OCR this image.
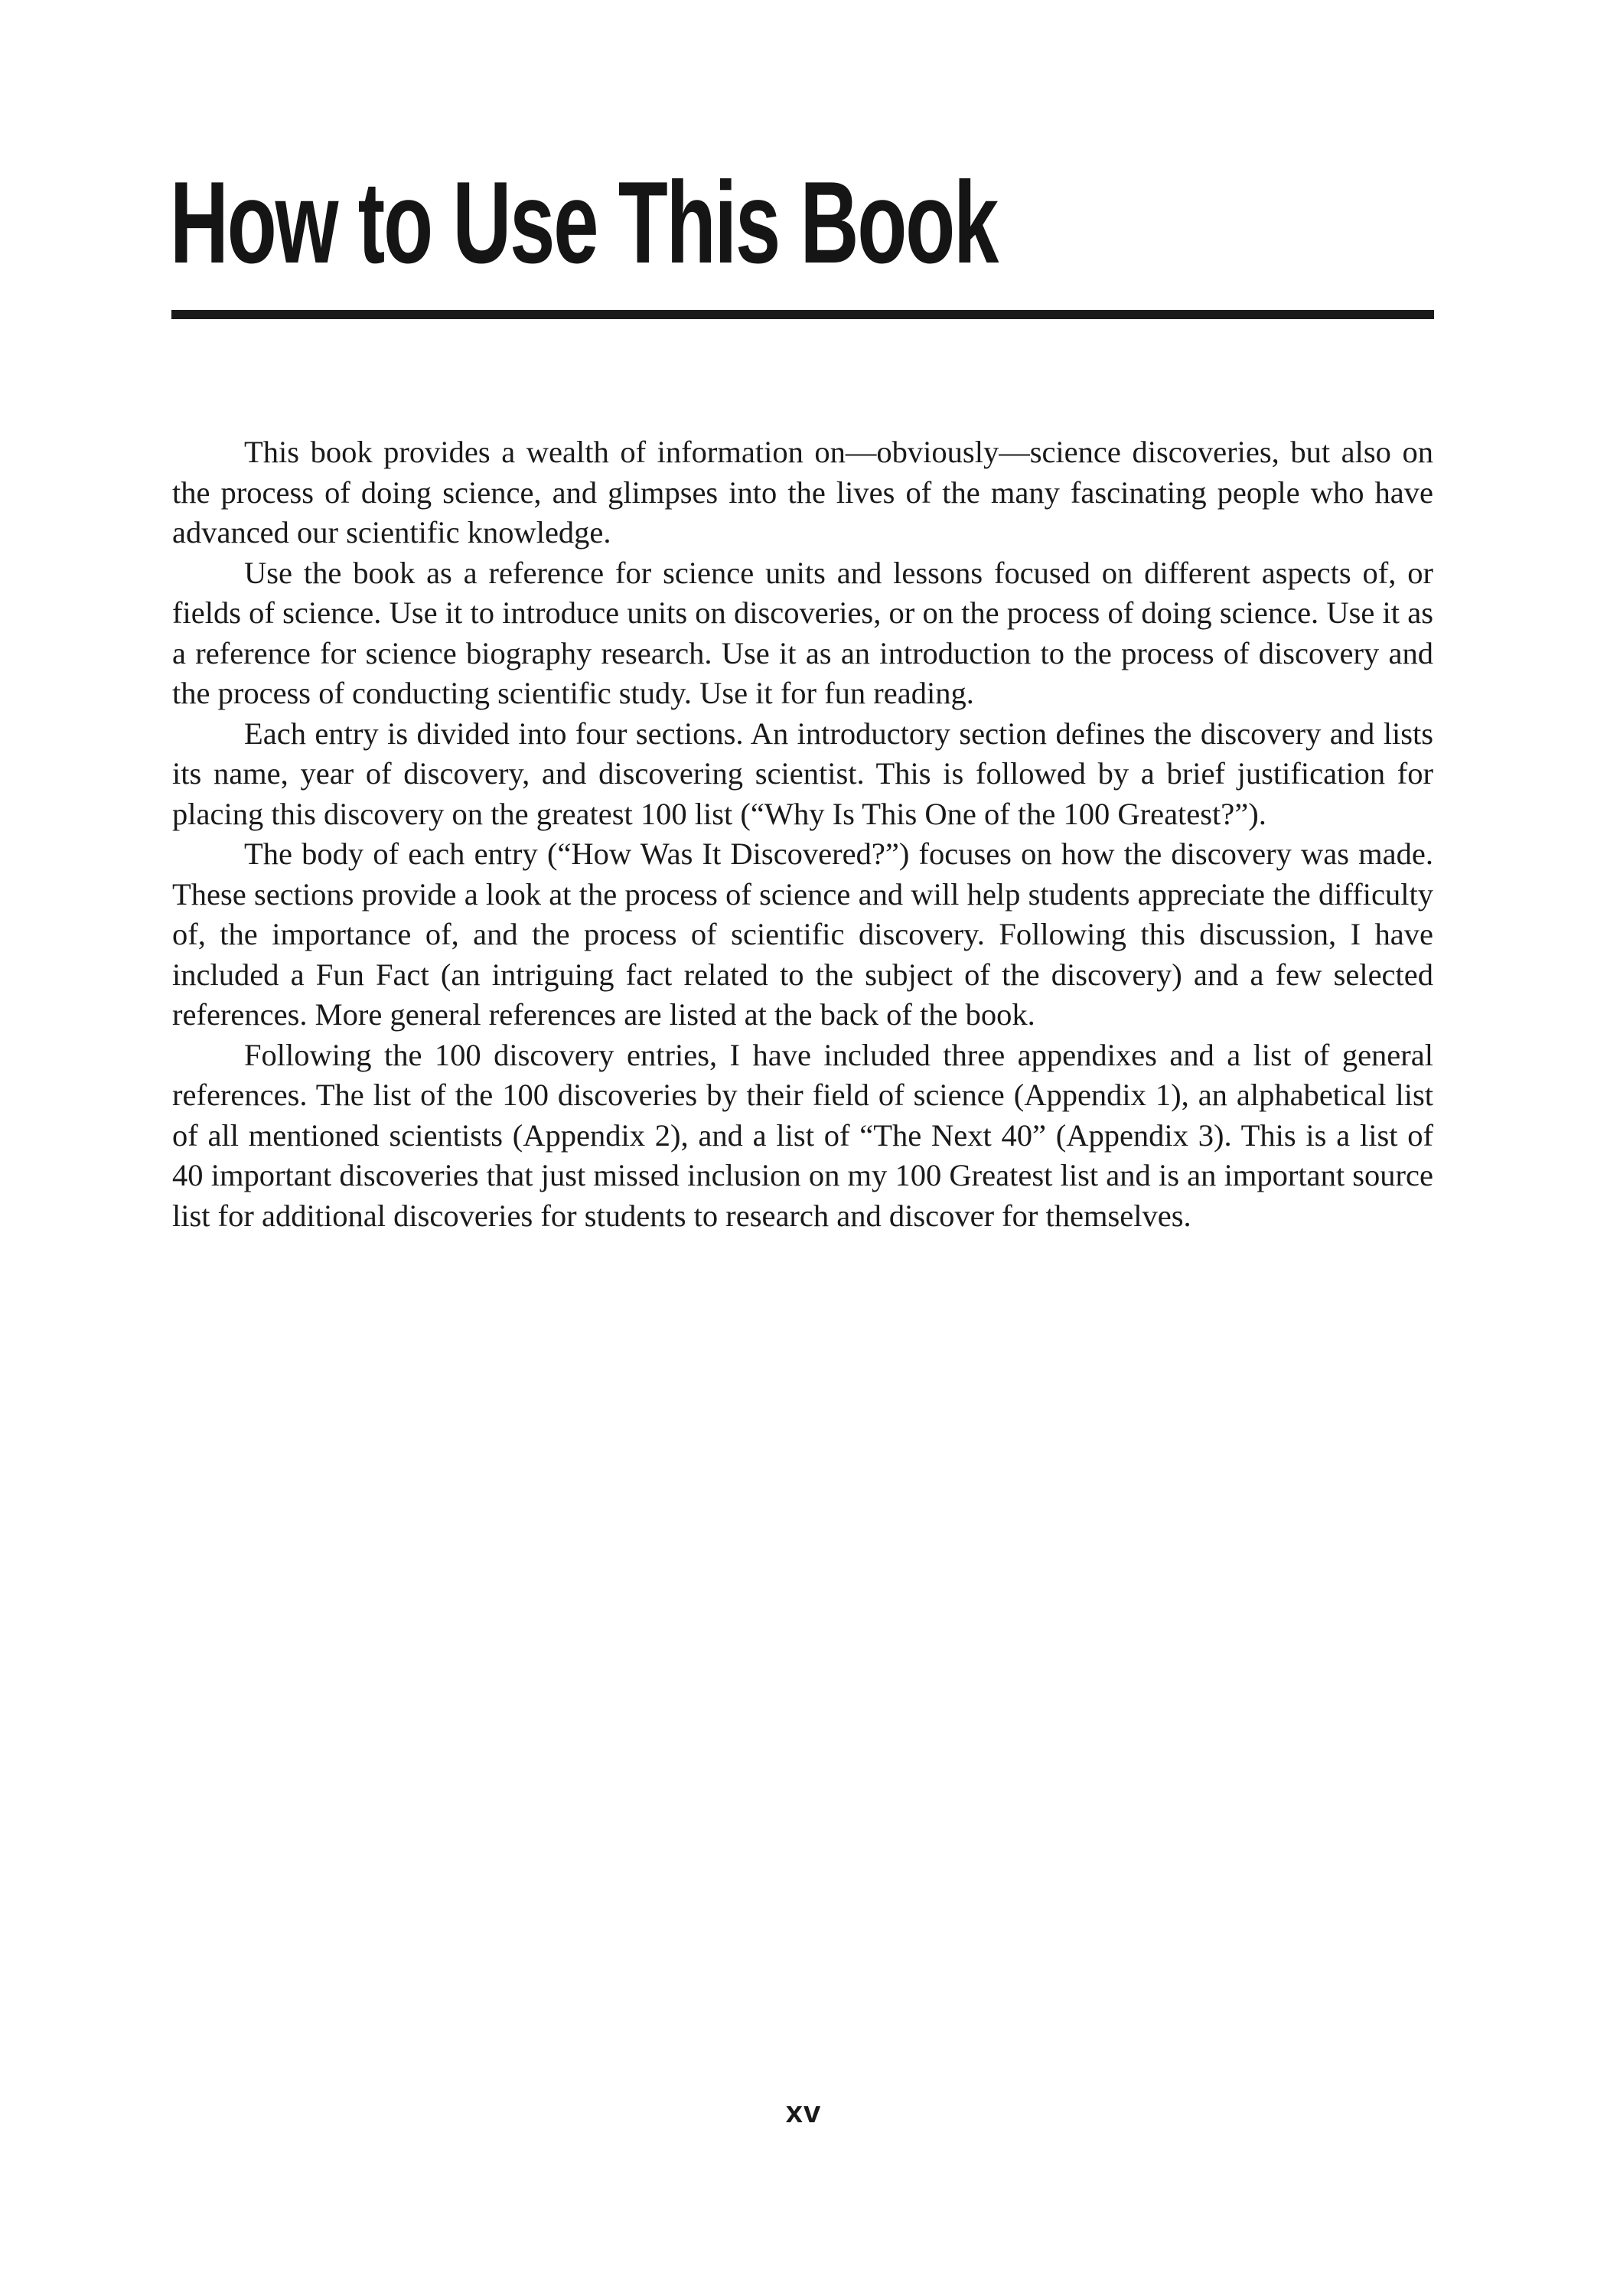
How to Use This Book

This book provides a wealth of information on—obviously—science discoveries, but also on the process of doing science, and glimpses into the lives of the many fascinating people who have advanced our scientific knowledge.

Use the book as a reference for science units and lessons focused on different aspects of, or fields of science. Use it to introduce units on discoveries, or on the process of doing science. Use it as a reference for science biography research. Use it as an introduction to the process of discovery and the process of conducting scientific study. Use it for fun reading.

Each entry is divided into four sections. An introductory section defines the discovery and lists its name, year of discovery, and discovering scientist. This is followed by a brief justification for placing this discovery on the greatest 100 list (“Why Is This One of the 100 Greatest?”).

The body of each entry (“How Was It Discovered?”) focuses on how the discovery was made. These sections provide a look at the process of science and will help students appreciate the difficulty of, the importance of, and the process of scientific discovery. Following this discussion, I have included a Fun Fact (an intriguing fact related to the subject of the discovery) and a few selected references. More general references are listed at the back of the book.

Following the 100 discovery entries, I have included three appendixes and a list of general references. The list of the 100 discoveries by their field of science (Appendix 1), an alphabetical list of all mentioned scientists (Appendix 2), and a list of “The Next 40” (Appendix 3). This is a list of 40 important discoveries that just missed inclusion on my 100 Greatest list and is an important source list for additional discoveries for students to research and discover for themselves.

xv
